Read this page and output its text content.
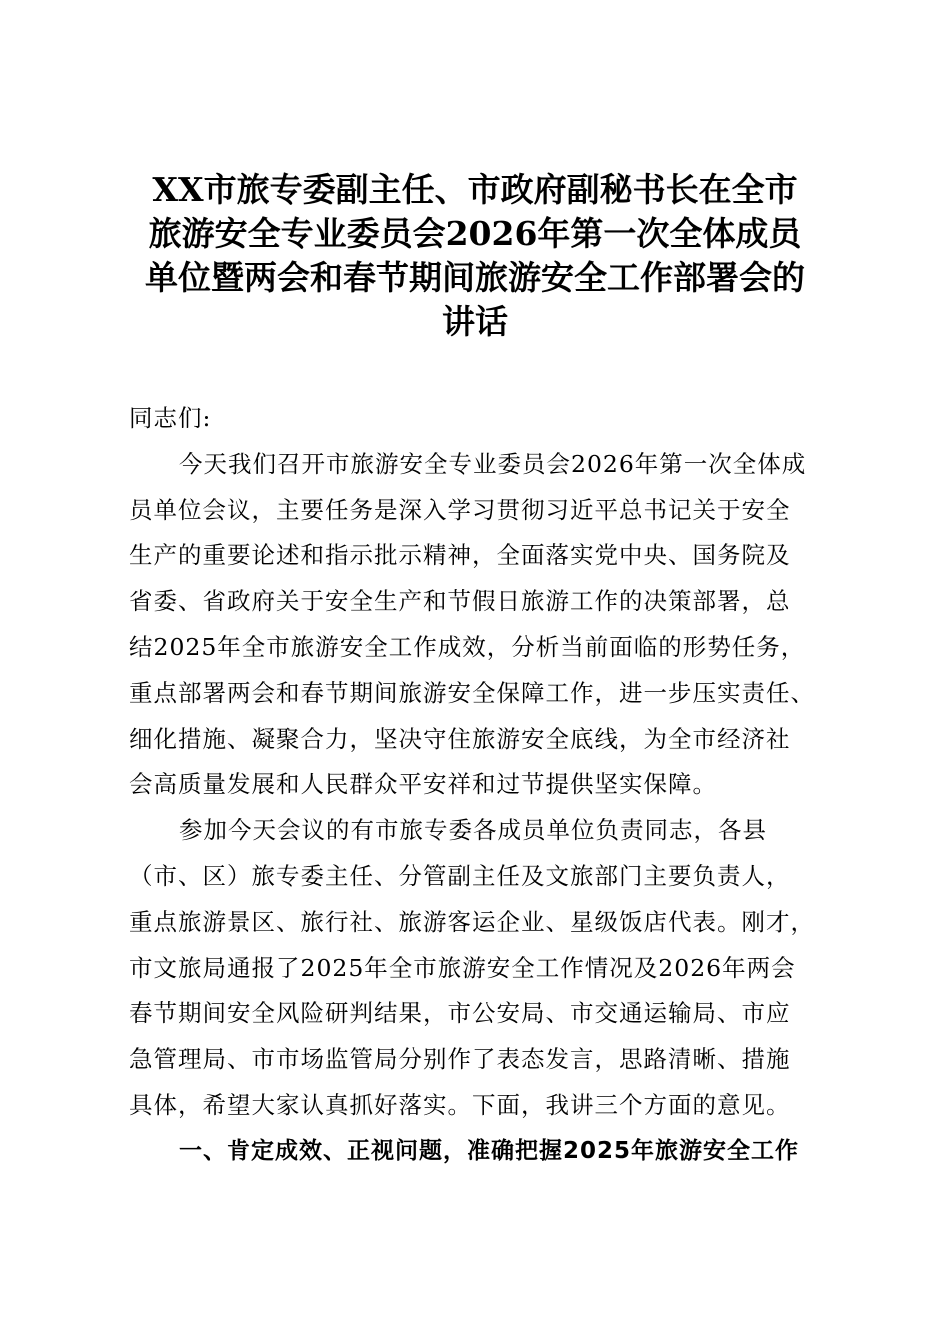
XX市旅专委副主任、市政府副秘书长在全市
旅游安全专业委员会2026年第一次全体成员
单位暨两会和春节期间旅游安全工作部署会的
讲话

同志们:

今天我们召开市旅游安全专业委员会2026年第一次全体成
员单位会议，主要任务是深入学习贯彻习近平总书记关于安全
生产的重要论述和指示批示精神，全面落实党中央、国务院及
省委、省政府关于安全生产和节假日旅游工作的决策部署，总
结2025年全市旅游安全工作成效，分析当前面临的形势任务，
重点部署两会和春节期间旅游安全保障工作，进一步压实责任、
细化措施、凝聚合力，坚决守住旅游安全底线，为全市经济社
会高质量发展和人民群众平安祥和过节提供坚实保障。

参加今天会议的有市旅专委各成员单位负责同志，各县
（市、区）旅专委主任、分管副主任及文旅部门主要负责人，
重点旅游景区、旅行社、旅游客运企业、星级饭店代表。刚才，
市文旅局通报了2025年全市旅游安全工作情况及2026年两会
春节期间安全风险研判结果，市公安局、市交通运输局、市应
急管理局、市市场监管局分别作了表态发言，思路清晰、措施
具体，希望大家认真抓好落实。下面，我讲三个方面的意见。

一、肯定成效、正视问题，准确把握2025年旅游安全工作
